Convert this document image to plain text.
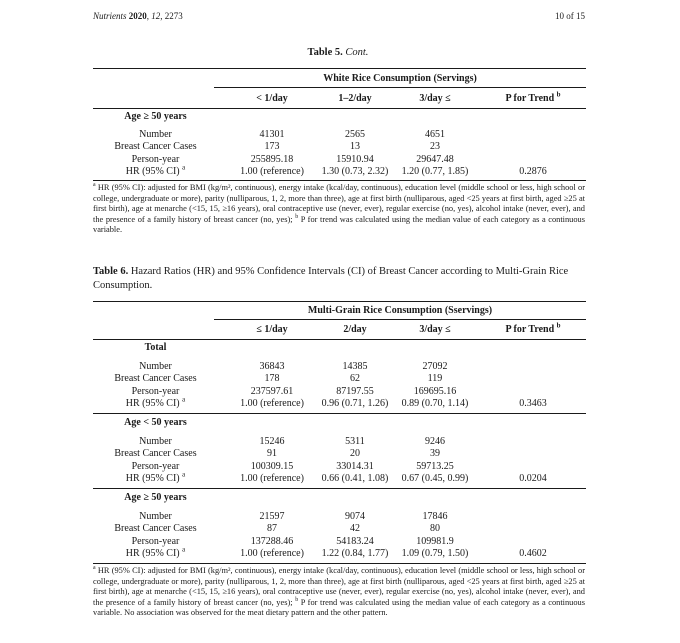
Nutrients 2020, 12, 2273	10 of 15
Table 5. Cont.
White Rice Consumption (Servings)
< 1/day	1–2/day	3/day ≤	P for Trend $^b$
Age ≥ 50 years
Number	41301	2565	4651
Breast Cancer Cases	173	13	23
Person-year	255895.18	15910.94	29647.48
HR (95% CI) $^a$	1.00 (reference)	1.30 (0.73, 2.32)	1.20 (0.77, 1.85)	0.2876

$^a$ HR (95% CI): adjusted for BMI (kg/m², continuous), energy intake (kcal/day, continuous), education level (middle school or less, high school or college, undergraduate or more), parity (nulliparous, 1, 2, more than three), age at first birth (nulliparous, aged <25 years at first birth, aged ≥25 at first birth), age at menarche (<15, 15, ≥16 years), oral contraceptive use (never, ever), regular exercise (no, yes), alcohol intake (never, ever), and the presence of a family history of breast cancer (no, yes); $^b$ P for trend was calculated using the median value of each category as a continuous variable.

Table 6. Hazard Ratios (HR) and 95% Confidence Intervals (CI) of Breast Cancer according to Multi-Grain Rice Consumption.
Multi-Grain Rice Consumption (Sservings)
≤ 1/day	2/day	3/day ≤	P for Trend $^b$
Total
Number	36843	14385	27092
Breast Cancer Cases	178	62	119
Person-year	237597.61	87197.55	169695.16
HR (95% CI) $^a$	1.00 (reference)	0.96 (0.71, 1.26)	0.89 (0.70, 1.14)	0.3463
Age < 50 years
Number	15246	5311	9246
Breast Cancer Cases	91	20	39
Person-year	100309.15	33014.31	59713.25
HR (95% CI) $^a$	1.00 (reference)	0.66 (0.41, 1.08)	0.67 (0.45, 0.99)	0.0204
Age ≥ 50 years
Number	21597	9074	17846
Breast Cancer Cases	87	42	80
Person-year	137288.46	54183.24	109981.9
HR (95% CI) $^a$	1.00 (reference)	1.22 (0.84, 1.77)	1.09 (0.79, 1.50)	0.4602

$^a$ HR (95% CI): adjusted for BMI (kg/m², continuous), energy intake (kcal/day, continuous), education level (middle school or less, high school or college, undergraduate or more), parity (nulliparous, 1, 2, more than three), age at first birth (nulliparous, aged <25 years at first birth, aged ≥25 at first birth), age at menarche (<15, 15, ≥16 years), oral contraceptive use (never, ever), regular exercise (no, yes), alcohol intake (never, ever), and the presence of a family history of breast cancer (no, yes); $^b$ P for trend was calculated using the median value of each category as a continuous variable. No association was observed for the meat dietary pattern and the other pattern.
